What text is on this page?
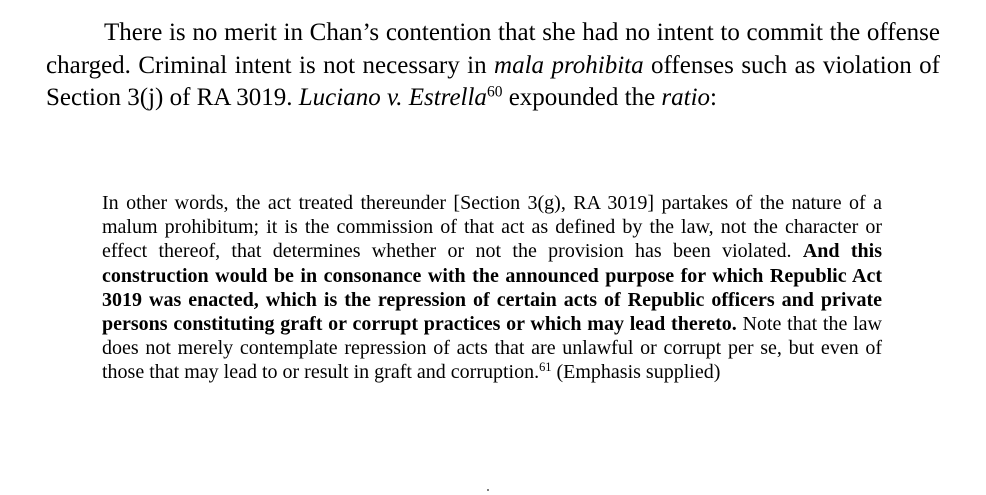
There is no merit in Chan’s contention that she had no intent to commit the offense charged. Criminal intent is not necessary in mala prohibita offenses such as violation of Section 3(j) of RA 3019. Luciano v. Estrella$^{60}$ expounded the ratio:

In other words, the act treated thereunder [Section 3(g), RA 3019] partakes of the nature of a malum prohibitum; it is the commission of that act as defined by the law, not the character or effect thereof, that determines whether or not the provision has been violated. And this construction would be in consonance with the announced purpose for which Republic Act 3019 was enacted, which is the repression of certain acts of Republic officers and private persons constituting graft or corrupt practices or which may lead thereto. Note that the law does not merely contemplate repression of acts that are unlawful or corrupt per se, but even of those that may lead to or result in graft and corruption.$^{61}$ (Emphasis supplied)
